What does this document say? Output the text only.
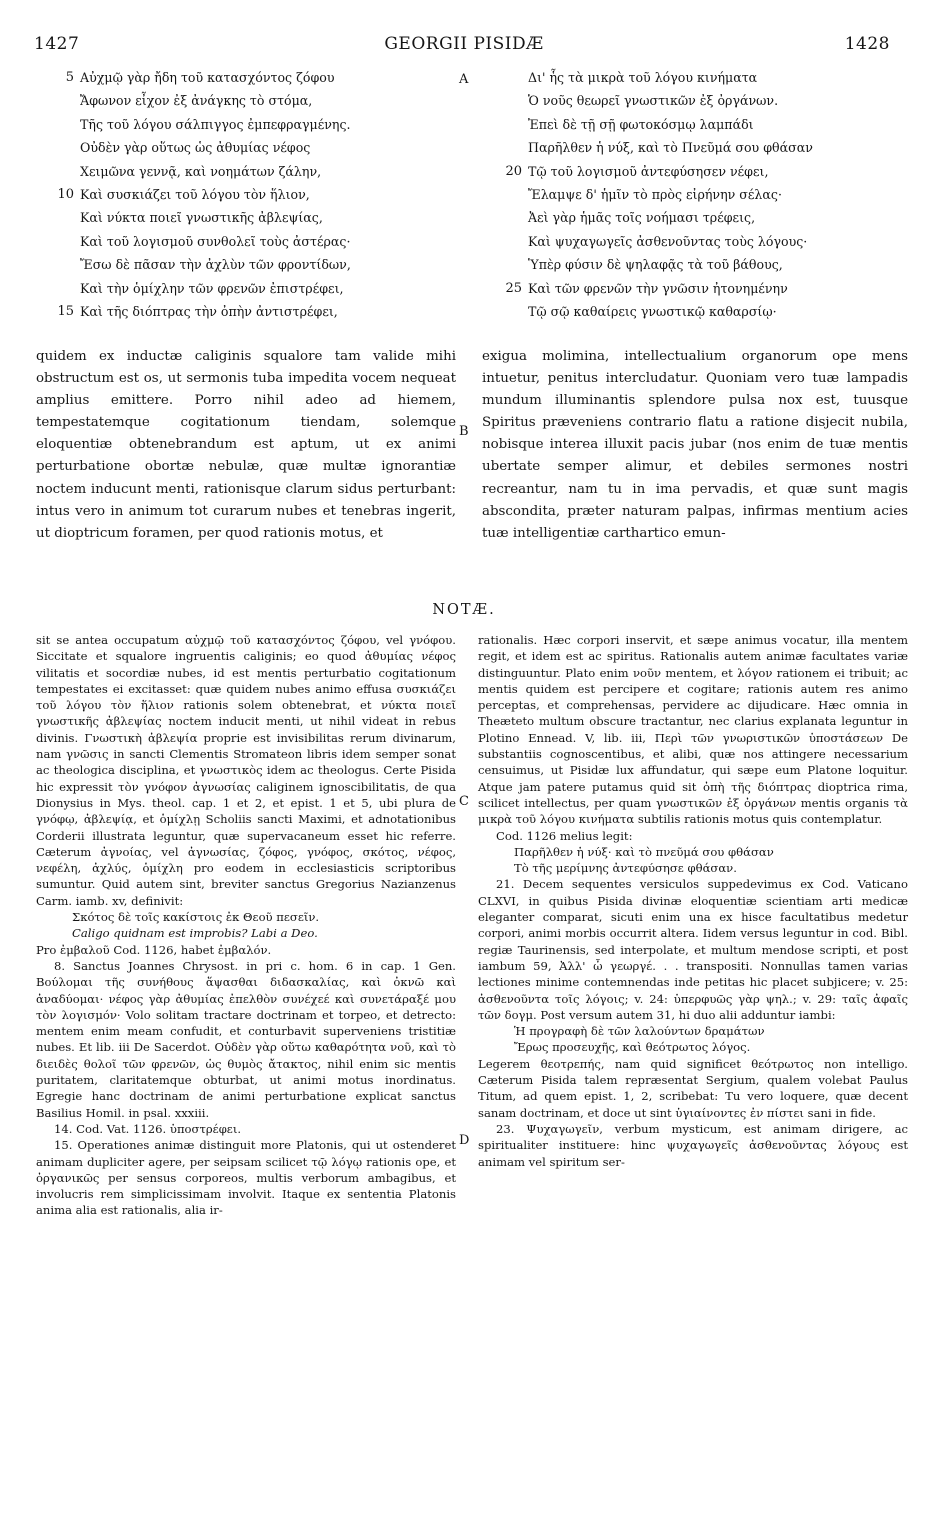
1427	GEORGII PISIDÆ	1428
A
B
C
D
5 Αὐχμῷ γὰρ ἤδη τοῦ κατασχόντος ζόφου
Ἄφωνον εἶχον ἐξ ἀνάγκης τὸ στόμα,
Τῆς τοῦ λόγου σάλπιγγος ἐμπεφραγμένης.
Οὐδὲν γὰρ οὕτως ὡς ἀθυμίας νέφος
Χειμῶνα γεννᾷ, καὶ νοημάτων ζάλην,
10 Καὶ συσκιάζει τοῦ λόγου τὸν ἥλιον,
Καὶ νύκτα ποιεῖ γνωστικῆς ἀβλεψίας,
Καὶ τοῦ λογισμοῦ συνθολεῖ τοὺς ἀστέρας·
Ἔσω δὲ πᾶσαν τὴν ἀχλὺν τῶν φροντίδων,
Καὶ τὴν ὁμίχλην τῶν φρενῶν ἐπιστρέφει,
15 Καὶ τῆς διόπτρας τὴν ὀπὴν ἀντιστρέφει,
Δι' ἧς τὰ μικρὰ τοῦ λόγου κινήματα
Ὁ νοῦς θεωρεῖ γνωστικῶν ἐξ ὀργάνων.
Ἐπεὶ δὲ τῇ σῇ φωτοκόσμῳ λαμπάδι
Παρῆλθεν ἡ νύξ, καὶ τὸ Πνεῦμά σου φθάσαν
20 Τῷ τοῦ λογισμοῦ ἀντεφύσησεν νέφει,
Ἔλαμψε δ' ἡμῖν τὸ πρὸς εἰρήνην σέλας·
Ἀεὶ γὰρ ἡμᾶς τοῖς νοήμασι τρέφεις,
Καὶ ψυχαγωγεῖς ἀσθενοῦντας τοὺς λόγους·
Ὑπὲρ φύσιν δὲ ψηλαφᾷς τὰ τοῦ βάθους,
25 Καὶ τῶν φρενῶν τὴν γνῶσιν ἠτονημένην
Τῷ σῷ καθαίρεις γνωστικῷ καθαρσίῳ·
quidem ex inductæ caliginis squalore tam valide mihi obstructum est os, ut sermonis tuba impedita vocem nequeat amplius emittere. Porro nihil adeo ad hiemem, tempestatemque cogitationum tiendam, solemque eloquentiæ obtenebrandum est aptum, ut ex animi perturbatione obortæ nebulæ, quæ multæ ignorantiæ noctem inducunt menti, rationisque clarum sidus perturbant: intus vero in animum tot curarum nubes et tenebras ingerit, ut dioptricum foramen, per quod rationis motus, et
exigua molimina, intellectualium organorum ope mens intuetur, penitus intercludatur. Quoniam vero tuæ lampadis mundum illuminantis splendore pulsa nox est, tuusque Spiritus præveniens contrario flatu a ratione disjecit nubila, nobisque interea illuxit pacis jubar (nos enim de tuæ mentis ubertate semper alimur, et debiles sermones nostri recreantur, nam tu in ima pervadis, et quæ sunt magis abscondita, præter naturam palpas, infirmas mentium acies tuæ intelligentiæ carthartico emun-
NOTÆ.

sit se antea occupatum αὐχμῷ τοῦ κατασχόντος ζόφου, vel γνόφου. Siccitate et squalore ingruentis caliginis; eo quod ἀθυμίας νέφος vilitatis et socordiæ nubes, id est mentis perturbatio cogitationum tempestates ei excitasset: quæ quidem nubes animo effusa συσκιάζει τοῦ λόγου τὸν ἥλιον rationis solem obtenebrat, et νύκτα ποιεῖ γνωστικῆς ἀβλεψίας noctem inducit menti, ut nihil videat in rebus divinis. Γνωστικὴ ἀβλεψία proprie est invisibilitas rerum divinarum, nam γνῶσις in sancti Clementis Stromateon libris idem semper sonat ac theologica disciplina, et γνωστικὸς idem ac theologus. Certe Pisida hic expressit τὸν γνόφον ἀγνωσίας caliginem ignoscibilitatis, de qua Dionysius in Mys. theol. cap. 1 et 2, et epist. 1 et 5, ubi plura de γνόφῳ, ἀβλεψίᾳ, et ὁμίχλῃ Scholiis sancti Maximi, et adnotationibus Corderii illustrata leguntur, quæ supervacaneum esset hic referre. Cæterum ἀγνοίας, vel ἀγνωσίας, ζόφος, γνόφος, σκότος, νέφος, νεφέλη, ἀχλύς, ὁμίχλη pro eodem in ecclesiasticis scriptoribus sumuntur. Quid autem sint, breviter sanctus Gregorius Nazianzenus Carm. iamb. xv, definivit:

Σκότος δὲ τοῖς κακίστοις ἐκ Θεοῦ πεσεῖν.

Caligo quidnam est improbis? Labi a Deo.

Pro ἐμβαλοῦ Cod. 1126, habet ἐμβαλόν.

8. Sanctus Joannes Chrysost. in pri c. hom. 6 in cap. 1 Gen. Βούλομαι τῆς συνήθους ἅψασθαι διδασκαλίας, καὶ ὀκνῶ καὶ ἀναδύομαι· νέφος γὰρ ἀθυμίας ἐπελθὸν συνέχεέ καὶ συνετάραξέ μου τὸν λογισμόν· Volo solitam tractare doctrinam et torpeo, et detrecto: mentem enim meam confudit, et conturbavit superveniens tristitiæ nubes. Et lib. iii De Sacerdot. Οὐδὲν γὰρ οὕτω καθαρότητα νοῦ, καὶ τὸ διειδὲς θολοῖ τῶν φρενῶν, ὡς θυμὸς ἄτακτος, nihil enim sic mentis puritatem, claritatemque obturbat, ut animi motus inordinatus. Egregie hanc doctrinam de animi perturbatione explicat sanctus Basilius Homil. in psal. xxxiii.

14. Cod. Vat. 1126. ὑποστρέφει.

15. Operationes animæ distinguit more Platonis, qui ut ostenderet animam dupliciter agere, per seipsam scilicet τῷ λόγῳ rationis ope, et ὀργανικῶς per sensus corporeos, multis verborum ambagibus, et involucris rem simplicissimam involvit. Itaque ex sententia Platonis anima alia est rationalis, alia ir-

rationalis. Hæc corpori inservit, et sæpe animus vocatur, illa mentem regit, et idem est ac spiritus. Rationalis autem animæ facultates variæ distinguuntur. Plato enim νοῦν mentem, et λόγον rationem ei tribuit; ac mentis quidem est percipere et cogitare; rationis autem res animo perceptas, et comprehensas, pervidere ac dijudicare. Hæc omnia in Theæteto multum obscure tractantur, nec clarius explanata leguntur in Plotino Ennead. V, lib. iii, Περὶ τῶν γνωριστικῶν ὑποστάσεων De substantiis cognoscentibus, et alibi, quæ nos attingere necessarium censuimus, ut Pisidæ lux affundatur, qui sæpe eum Platone loquitur. Atque jam patere putamus quid sit ὀπὴ τῆς διόπτρας dioptrica rima, scilicet intellectus, per quam γνωστικῶν ἐξ ὀργάνων mentis organis τὰ μικρὰ τοῦ λόγου κινήματα subtilis rationis motus quis contemplatur.

Cod. 1126 melius legit:

Παρῆλθεν ἡ νύξ· καὶ τὸ πνεῦμά σου φθάσαν

Τὸ τῆς μερίμνης ἀντεφύσησε φθάσαν.

21. Decem sequentes versiculos suppedevimus ex Cod. Vaticano CLXVI, in quibus Pisida divinæ eloquentiæ scientiam arti medicæ eleganter comparat, sicuti enim una ex hisce facultatibus medetur corpori, animi morbis occurrit altera. Iidem versus leguntur in cod. Bibl. regiæ Taurinensis, sed interpolate, et multum mendose scripti, et post iambum 59, Ἀλλ' ὦ γεωργέ. . . transpositi. Nonnullas tamen varias lectiones minime contemnendas inde petitas hic placet subjicere; v. 25: ἀσθενοῦντα τοῖς λόγοις; v. 24: ὑπερφυῶς γὰρ ψηλ.; v. 29: ταῖς ἀφαῖς τῶν δογμ. Post versum autem 31, hi duo alii adduntur iambi:

Ἡ προγραφὴ δὲ τῶν λαλούντων δραμάτων

Ἔρως προσευχῆς, καὶ θεότρωτος λόγος.

Legerem θεοτρεπής, nam quid significet θεότρωτος non intelligo. Cæterum Pisida talem repræsentat Sergium, qualem volebat Paulus Titum, ad quem epist. 1, 2, scribebat: Tu vero loquere, quæ decent sanam doctrinam, et doce ut sint ὑγιαίνοντες ἐν πίστει sani in fide.

23. Ψυχαγωγεῖν, verbum mysticum, est animam dirigere, ac spiritualiter instituere: hinc ψυχαγωγεῖς ἀσθενοῦντας λόγους est animam vel spiritum ser-
